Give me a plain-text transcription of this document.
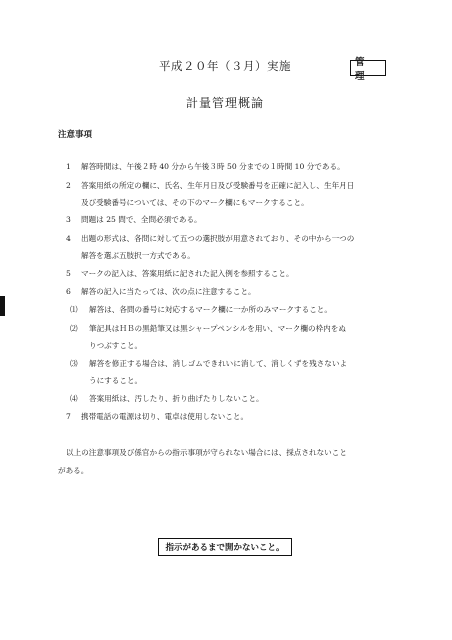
平成２０年（３月）実施	管 理
計量管理概論
注意事項
1 解答時間は、午後２時 40 分から午後３時 50 分までの１時間 10 分である。
2 答案用紙の所定の欄に、氏名、生年月日及び受験番号を正確に記入し、生年月日
及び受験番号については、その下のマーク欄にもマークすること。
3 問題は 25 問で、全問必須である。
4 出題の形式は、各問に対して五つの選択肢が用意されており、その中から一つの
解答を選ぶ五肢択一方式である。
5 マークの記入は、答案用紙に記された記入例を参照すること。
6 解答の記入に当たっては、次の点に注意すること。
⑴ 解答は、各問の番号に対応するマーク欄に一か所のみマークすること。
⑵ 筆記具はＨＢの黒鉛筆又は黒シャープペンシルを用い、マーク欄の枠内をぬ
りつぶすこと。
⑶ 解答を修正する場合は、消しゴムできれいに消して、消しくずを残さないよ
うにすること。
⑷ 答案用紙は、汚したり、折り曲げたりしないこと。
7 携帯電話の電源は切り、電卓は使用しないこと。
以上の注意事項及び係官からの指示事項が守られない場合には、採点されないこと
がある。
指示があるまで開かないこと。
